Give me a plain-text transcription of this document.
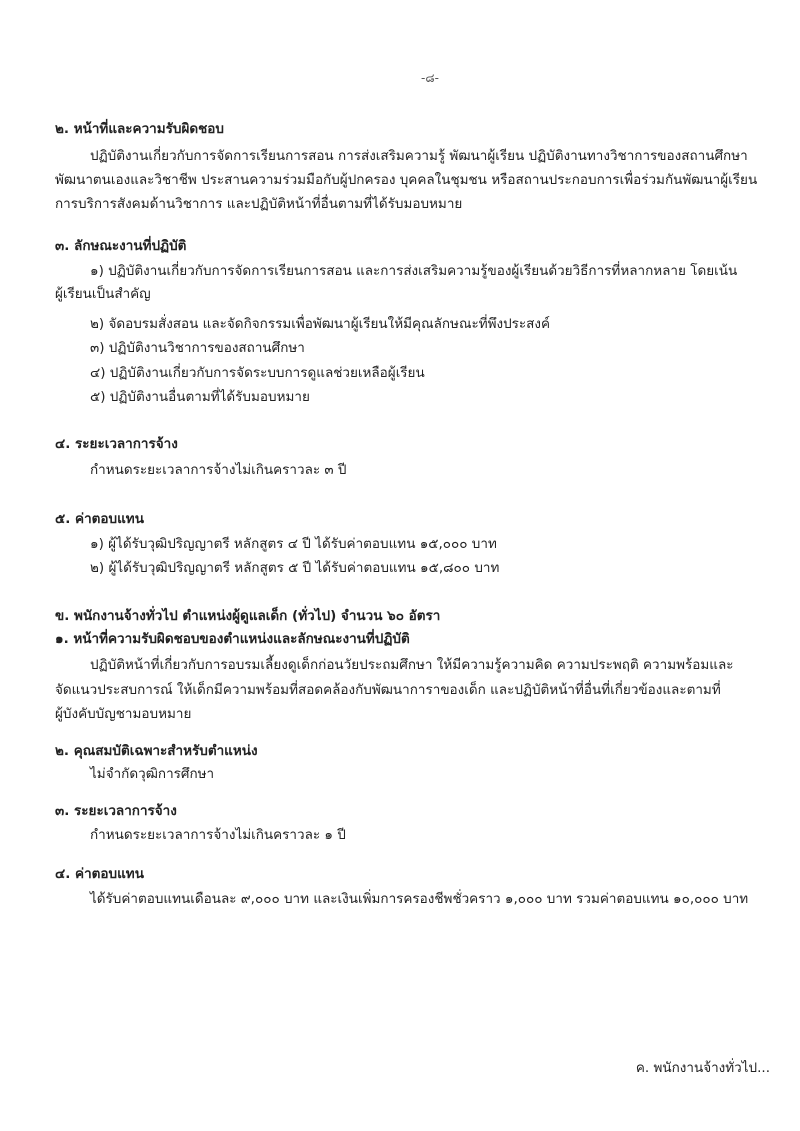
-๘-
๒. หน้าที่และความรับผิดชอบ
ปฏิบัติงานเกี่ยวกับการจัดการเรียนการสอน การส่งเสริมความรู้ พัฒนาผู้เรียน ปฏิบัติงานทางวิชาการของสถานศึกษา
พัฒนาตนเองและวิชาชีพ ประสานความร่วมมือกับผู้ปกครอง บุคคลในชุมชน หรือสถานประกอบการเพื่อร่วมกันพัฒนาผู้เรียน
การบริการสังคมด้านวิชาการ และปฏิบัติหน้าที่อื่นตามที่ได้รับมอบหมาย
๓. ลักษณะงานที่ปฏิบัติ
๑) ปฏิบัติงานเกี่ยวกับการจัดการเรียนการสอน และการส่งเสริมความรู้ของผู้เรียนด้วยวิธีการที่หลากหลาย โดยเน้น
ผู้เรียนเป็นสำคัญ
๒) จัดอบรมสั่งสอน และจัดกิจกรรมเพื่อพัฒนาผู้เรียนให้มีคุณลักษณะที่พึงประสงค์
๓) ปฏิบัติงานวิชาการของสถานศึกษา
๔) ปฏิบัติงานเกี่ยวกับการจัดระบบการดูแลช่วยเหลือผู้เรียน
๕) ปฏิบัติงานอื่นตามที่ได้รับมอบหมาย
๔. ระยะเวลาการจ้าง
กำหนดระยะเวลาการจ้างไม่เกินคราวละ ๓ ปี
๕. ค่าตอบแทน
๑) ผู้ได้รับวุฒิปริญญาตรี หลักสูตร ๔ ปี ได้รับค่าตอบแทน ๑๕,๐๐๐ บาท
๒) ผู้ได้รับวุฒิปริญญาตรี หลักสูตร ๕ ปี ได้รับค่าตอบแทน ๑๕,๘๐๐ บาท
ข. พนักงานจ้างทั่วไป ตำแหน่งผู้ดูแลเด็ก (ทั่วไป) จำนวน ๖๐ อัตรา
๑. หน้าที่ความรับผิดชอบของตำแหน่งและลักษณะงานที่ปฏิบัติ
ปฏิบัติหน้าที่เกี่ยวกับการอบรมเลี้ยงดูเด็กก่อนวัยประถมศึกษา ให้มีความรู้ความคิด ความประพฤติ ความพร้อมและ
จัดแนวประสบการณ์ ให้เด็กมีความพร้อมที่สอดคล้องกับพัฒนาการาของเด็ก และปฏิบัติหน้าที่อื่นที่เกี่ยวข้องและตามที่
ผู้บังคับบัญชามอบหมาย
๒. คุณสมบัติเฉพาะสำหรับตำแหน่ง
ไม่จำกัดวุฒิการศึกษา
๓. ระยะเวลาการจ้าง
กำหนดระยะเวลาการจ้างไม่เกินคราวละ ๑ ปี
๔. ค่าตอบแทน
ได้รับค่าตอบแทนเดือนละ ๙,๐๐๐ บาท และเงินเพิ่มการครองชีพชั่วคราว ๑,๐๐๐ บาท รวมค่าตอบแทน ๑๐,๐๐๐ บาท
ค. พนักงานจ้างทั่วไป...
